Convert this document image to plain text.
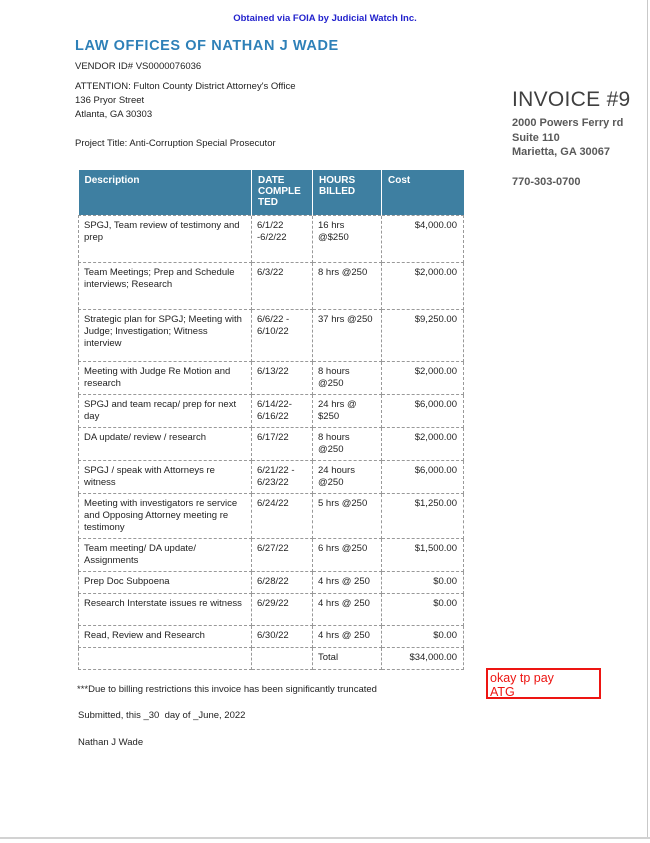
Obtained via FOIA by Judicial Watch Inc.
LAW OFFICES OF NATHAN J WADE
VENDOR ID# VS0000076036
ATTENTION: Fulton County District Attorney's Office
136 Pryor Street
Atlanta, GA 30303
Project Title: Anti-Corruption Special Prosecutor
INVOICE #9
2000 Powers Ferry rd
Suite 110
Marietta, GA 30067
770-303-0700
Description	DATE COMPLETED	HOURS BILLED	Cost
SPGJ, Team review of testimony and prep	6/1/22 -6/2/22	16 hrs @$250	$4,000.00
Team Meetings; Prep and Schedule interviews; Research	6/3/22	8 hrs @250	$2,000.00
Strategic plan for SPGJ; Meeting with Judge; Investigation; Witness interview	6/6/22 - 6/10/22	37 hrs @250	$9,250.00
Meeting with Judge Re Motion and research	6/13/22	8 hours @250	$2,000.00
SPGJ and team recap/ prep for next day	6/14/22- 6/16/22	24 hrs @ $250	$6,000.00
DA update/ review / research	6/17/22	8 hours @250	$2,000.00
SPGJ / speak with Attorneys re witness	6/21/22 - 6/23/22	24 hours @250	$6,000.00
Meeting with investigators re service and Opposing Attorney meeting re testimony	6/24/22	5 hrs @250	$1,250.00
Team meeting/ DA update/ Assignments	6/27/22	6 hrs @250	$1,500.00
Prep Doc Subpoena	6/28/22	4 hrs @ 250	$0.00
Research Interstate issues re witness	6/29/22	4 hrs @ 250	$0.00
Read, Review and Research	6/30/22	4 hrs @ 250	$0.00
		Total	$34,000.00
***Due to billing restrictions this invoice has been significantly truncated
Submitted, this _30  day of _June, 2022
Nathan J Wade
okay tp pay
ATG
